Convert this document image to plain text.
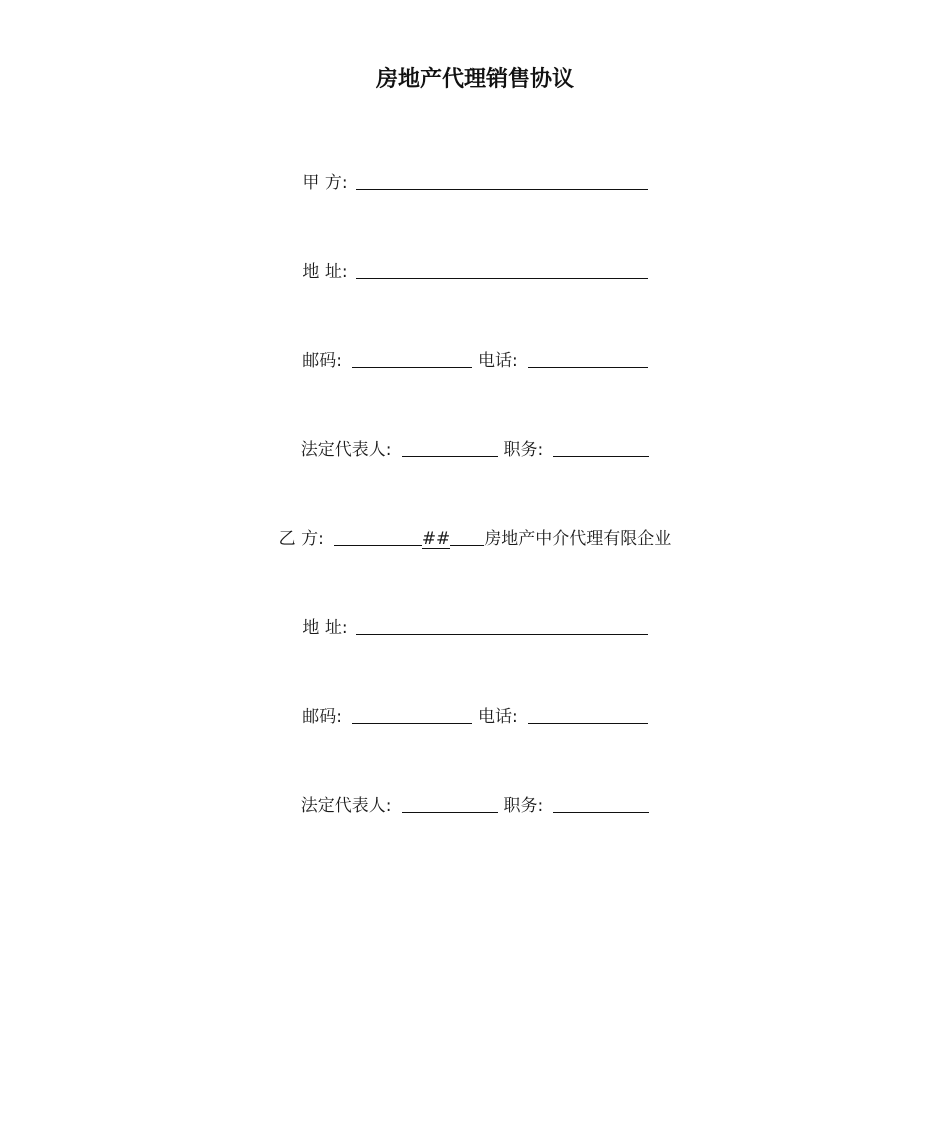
房地产代理销售协议
甲 方:
地 址:
邮码:	电话:
法定代表人:	职务:
乙 方:	## 房地产中介代理有限企业
地 址:
邮码:	电话:
法定代表人:	职务:
